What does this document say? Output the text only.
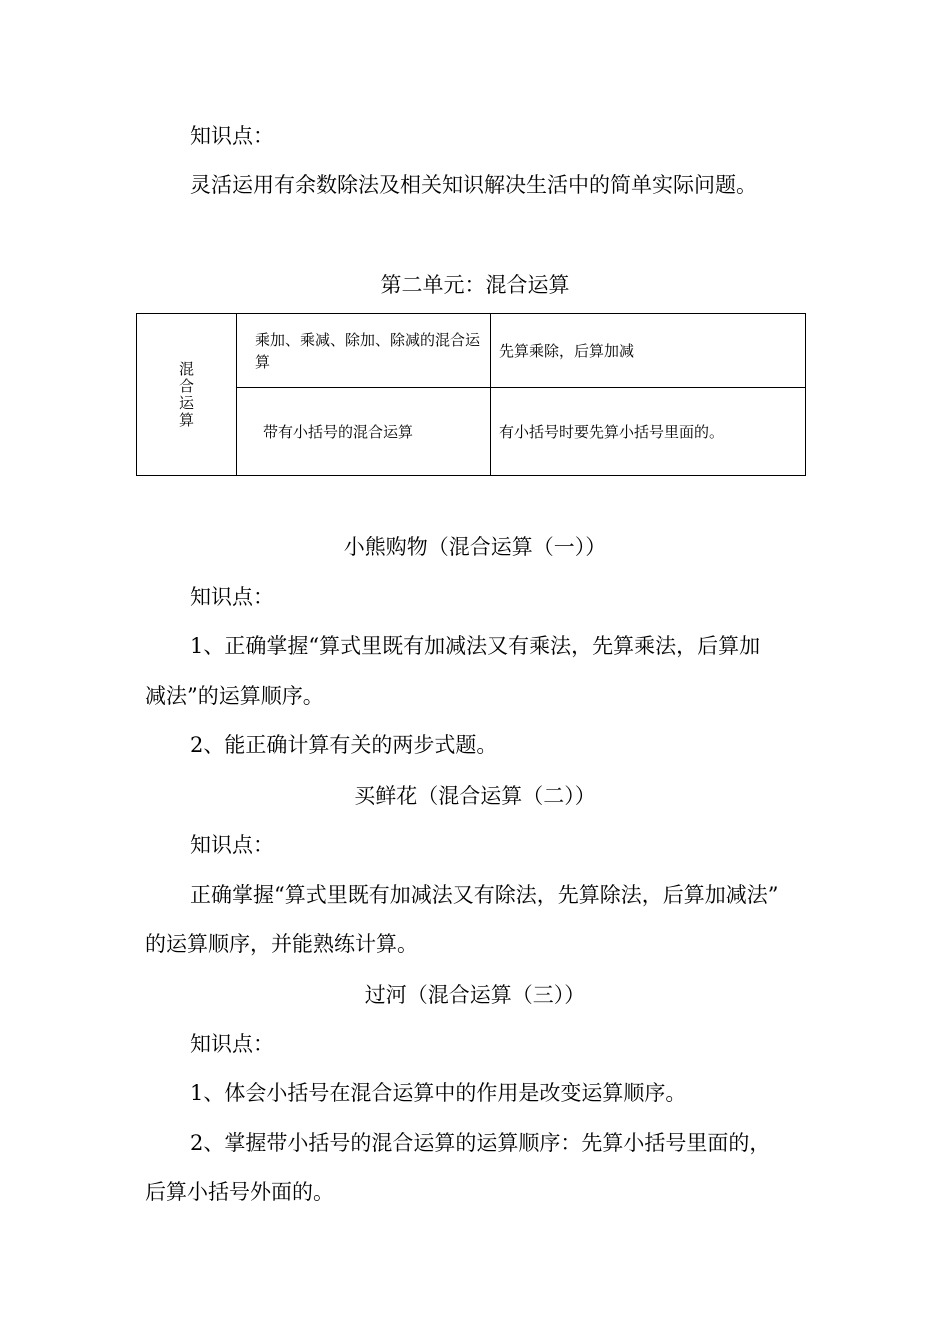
知识点：
灵活运用有余数除法及相关知识解决生活中的简单实际问题。
第二单元：混合运算
混合运算	乘加、乘减、除加、除减的混合运算	先算乘除，后算加减
	带有小括号的混合运算	有小括号时要先算小括号里面的。
小熊购物（混合运算（一））
知识点：
1、正确掌握“算式里既有加减法又有乘法，先算乘法，后算加
减法”的运算顺序。
2、能正确计算有关的两步式题。
买鲜花（混合运算（二））
知识点：
正确掌握“算式里既有加减法又有除法，先算除法，后算加减法”
的运算顺序，并能熟练计算。
过河（混合运算（三））
知识点：
1、体会小括号在混合运算中的作用是改变运算顺序。
2、掌握带小括号的混合运算的运算顺序：先算小括号里面的，
后算小括号外面的。
